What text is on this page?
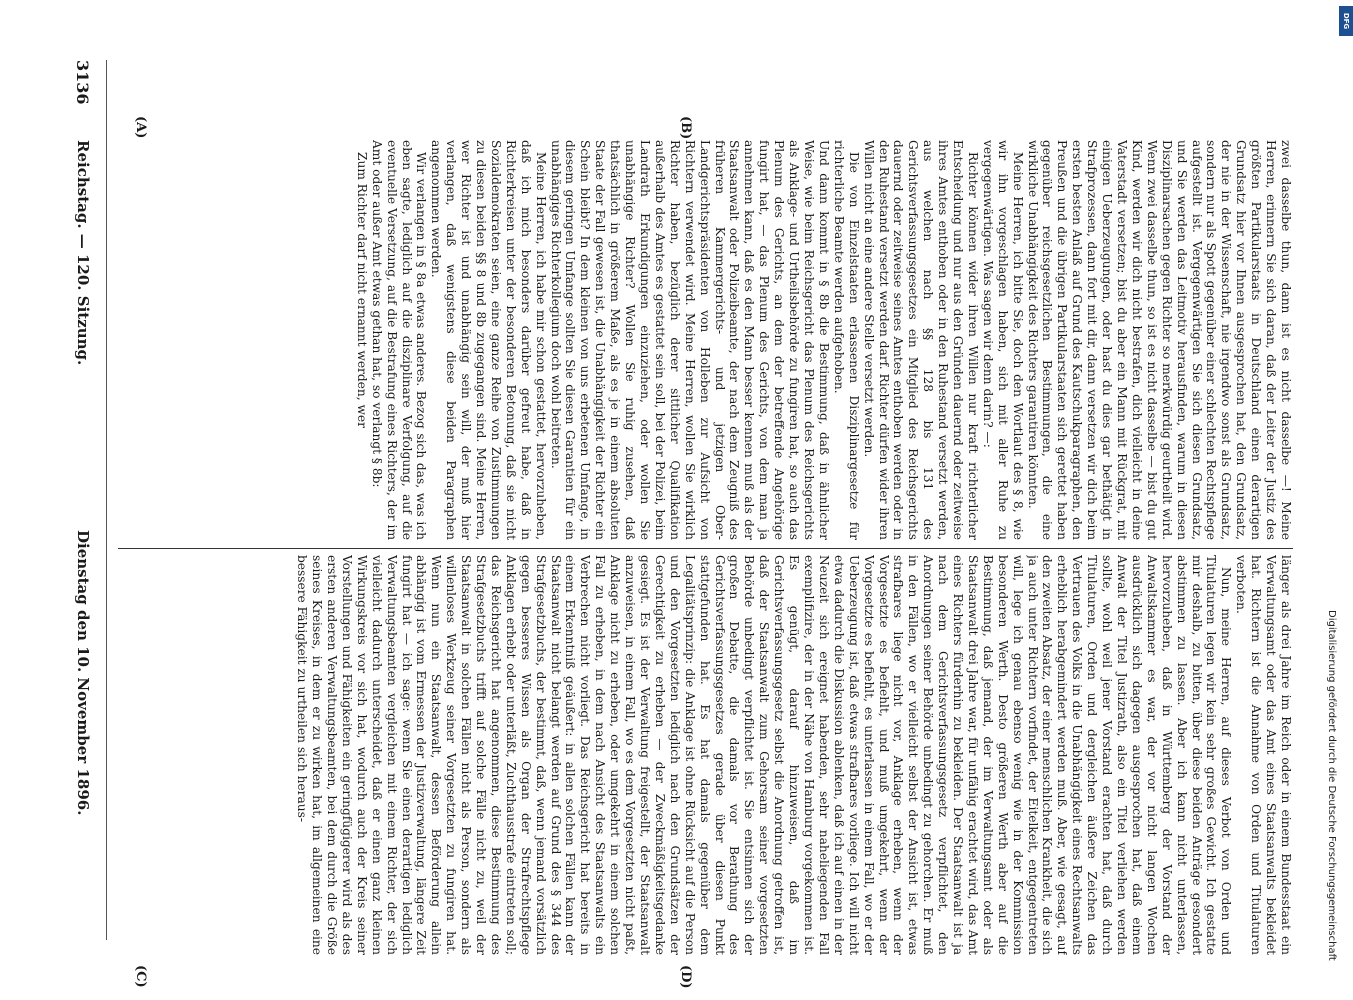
3136
Reichstag. — 120. Sitzung.
Dienstag den 10. November 1896.
(A)	(B)
(C)	(D)

zwei dasselbe thun, dann ist es nicht dasselbe —! Meine Herren, erinnern Sie sich daran, daß der Leiter der Justiz des größten Partikularstaats in Deutschland einen derartigen Grundsatz hier vor Ihnen ausgesprochen hat, den Grundsatz, der nie in der Wissenschaft, nie irgendwo sonst als Grundsatz, sondern nur als Spott gegenüber einer schlechten Rechtspflege aufgestellt ist. Vergegenwärtigen Sie sich diesen Grundsatz, und Sie werden das Leitmotiv herausfinden, warum in diesen Disziplinarsachen gegen Richter so merkwürdig geurtheilt wird. Wenn zwei dasselbe thun, so ist es nicht dasselbe — bist du gut Kind, werden wir dich nicht bestrafen, dich vielleicht in deine Vaterstadt versetzen; bist du aber ein Mann mit Rückgrat, mit einigen Ueberzeugungen, oder hast du dies gar bethätigt in Strafprozessen, dann fort mit dir, dann versetzen wir dich beim ersten besten Anlaß auf Grund des Kautschukparagraphen, den Preußen und die übrigen Partikularstaaten sich gerettet haben gegenüber reichsgesetzlichen Bestimmungen, die eine wirkliche Unabhängigkeit des Richters garantiren könnten.

Meine Herren, ich bitte Sie, doch den Wortlaut des § 8, wie wir ihn vorgeschlagen haben, sich mit aller Ruhe zu vergegenwärtigen. Was sagen wir denn darin? —:

Richter können wider ihren Willen nur kraft richterlicher Entscheidung und nur aus den Gründen dauernd oder zeitweise ihres Amtes enthoben oder in den Ruhestand versetzt werden, aus welchen nach §§ 128 bis 131 des Gerichtsverfassungsgesetzes ein Mitglied des Reichsgerichts dauernd oder zeitweise seines Amtes enthoben werden oder in den Ruhestand versetzt werden darf. Richter dürfen wider ihren Willen nicht an eine andere Stelle versetzt werden.

Die von Einzelstaaten erlassenen Disziplinargesetze für richterliche Beamte werden aufgehoben.

Und dann kommt in § 8b die Bestimmung, daß in ähnlicher Weise, wie beim Reichsgericht das Plenum des Reichsgerichts als Anklage- und Urtheilsbehörde zu fungiren hat, so auch das Plenum des Gerichts, an dem der betreffende Angehörige fungirt hat, — das Plenum des Gerichts, von dem man ja annehmen kann, daß es den Mann besser kennen muß als der Staatsanwalt oder Polizeibeamte, der nach dem Zeugniß des früheren Kammergerichts- und jetzigen Ober-Landgerichtspräsidenten von Holleben zur Aufsicht von Richtern verwendet wird. Meine Herren, wollen Sie wirklich Richter haben, bezüglich derer sittlicher Qualifikation außerhalb des Amtes es gestattet sein soll, bei der Polizei, beim Landrath Erkundigungen einzuziehen, oder wollen Sie unabhängige Richter? Wollen Sie ruhig zusehen, daß thatsächlich in größerem Maße, als es je in einem absoluten Staate der Fall gewesen ist, die Unabhängigkeit der Richter ein Schein bleibt? In dem kleinen von uns erbetenen Umfange, in diesem geringen Umfange sollten Sie diesen Garantien für ein unabhängiges Richterkollegium doch wohl beitreten.

Meine Herren, ich habe mir schon gestattet, hervorzuheben, daß ich mich besonders darüber gefreut habe, daß in Richterkreisen unter der besonderen Betonung, daß sie nicht Sozialdemokraten seien, eine ganze Reihe von Zustimmungen zu diesen beiden §§ 8 und 8b zugegangen sind. Meine Herren, wer Richter ist und unabhängig sein will, der muß hier verlangen, daß wenigstens diese beiden Paragraphen angenommen werden.

Wir verlangen in § 8a etwas anderes. Bezog sich das, was ich eben sagte, lediglich auf die disziplinare Verfolgung, auf die eventuelle Versetzung, auf die Bestrafung eines Richters, der im Amt oder außer Amt etwas gethan hat, so verlangt § 8b:

Zum Richter darf nicht ernannt werden, wer

länger als drei Jahre im Reich oder in einem Bundesstaat ein Verwaltungsamt oder das Amt eines Staatsanwalts bekleidet hat. Richtern ist die Annahme von Orden und Titulaturen verboten.

Nun, meine Herren, auf dieses Verbot von Orden und Titulaturen legen wir kein sehr großes Gewicht. Ich gestatte mir deshalb, zu bitten, über diese beiden Anträge gesondert abstimmen zu lassen. Aber ich kann nicht unterlassen, hervorzuheben, daß in Württemberg der Vorstand der Anwaltskammer es war, der vor nicht langen Wochen ausdrücklich sich dagegen ausgesprochen hat, daß einem Anwalt der Titel Justizrath, also ein Titel verliehen werden sollte, wohl weil jener Vorstand erachten hat, daß durch Titulaturen, Orden und dergleichen äußere Zeichen das Vertrauen des Volks in die Unabhängigkeit eines Rechtsanwalts erheblich herabgemindert werden muß. Aber, wie gesagt, auf den zweiten Absatz, der einer menschlichen Krankheit, die sich ja auch unter Richtern vorfindet, der Eitelkeit, entgegentreten will, lege ich genau ebenso wenig wie in der Kommission besonderen Werth. Desto größeren Werth aber auf die Bestimmung, daß jemand, der im Verwaltungsamt oder als Staatsanwalt drei Jahre war, für unfähig erachtet wird, das Amt eines Richters fürderhin zu bekleiden. Der Staatsanwalt ist ja nach dem Gerichtsverfassungsgesetz verpflichtet, den Anordnungen seiner Behörde unbedingt zu gehorchen. Er muß in den Fällen, wo er vielleicht selbst der Ansicht ist, etwas strafbares liege nicht vor, Anklage erheben, wenn der Vorgesetzte es befiehlt, und muß umgekehrt, wenn der Vorgesetzte es befiehlt, es unterlassen in einem Fall, wo er der Ueberzeugung ist, daß etwas strafbares vorliege. Ich will nicht etwa dadurch die Diskussion ablenken, daß ich auf einen in der Neuzeit sich ereignet habenden, sehr naheliegenden Fall exemplifizire, der in der Nähe von Hamburg vorgekommen ist. Es genügt, darauf hinzuweisen, daß im Gerichtsverfassungsgesetz selbst die Anordnung getroffen ist, daß der Staatsanwalt zum Gehorsam seiner vorgesetzten Behörde unbedingt verpflichtet ist. Sie entsinnen sich der großen Debatte, die damals vor Berathung des Gerichtsverfassungsgesetzes gerade über diesen Punkt stattgefunden hat. Es hat damals gegenüber dem Legalitätsprinzip: die Anklage ist ohne Rücksicht auf die Person und den Vorgesetzten lediglich nach den Grundsätzen der Gerechtigkeit zu erheben — der Zweckmäßigkeitsgedanke gesiegt. Es ist der Verwaltung freigestellt, der Staatsanwalt anzuweisen, in einem Fall, wo es dem Vorgesetzten nicht paßt, Anklage nicht zu erheben, oder umgekehrt in einem solchen Fall zu erheben, in dem nach Ansicht des Staatsanwalts ein Verbrechen nicht vorliegt. Das Reichsgericht hat bereits in einem Erkenntniß geäußert: in allen solchen Fällen kann der Staatsanwalt nicht belangt werden auf Grund des § 344 des Strafgesetzbuchs, der bestimmt, daß, wenn jemand vorsätzlich gegen besseres Wissen als Organ der Strafrechtspflege Anklagen erhebt oder unterläßt, Zuchthausstrafe eintreten soll; das Reichsgericht hat angenommen, diese Bestimmung des Strafgesetzbuchs trifft auf solche Fälle nicht zu, weil der Staatsanwalt in solchen Fällen nicht als Person, sondern als willenloses Werkzeug seiner Vorgesetzten zu fungiren hat. Wenn nun ein Staatsanwalt, dessen Beförderung allein abhängig ist vom Ermessen der Justizverwaltung, längere Zeit fungirt hat — ich sage: wenn Sie einen derartigen lediglich Verwaltungsbeamten vergleichen mit einem Richter, der sich vielleicht dadurch unterscheidet, daß er einen ganz kleinen Wirkungskreis vor sich hat, wodurch auch der Kreis seiner Vorstellungen und Fähigkeiten ein geringfügigerer wird als des ersten anderen Verwaltungsbeamten, bei dem durch die Größe seines Kreises, in dem er zu wirken hat, im allgemeinen eine bessere Fähigkeit zu urtheilen sich heraus-

DFG
Digitalisierung gefördert durch die Deutsche Forschungsgemeinschaft
